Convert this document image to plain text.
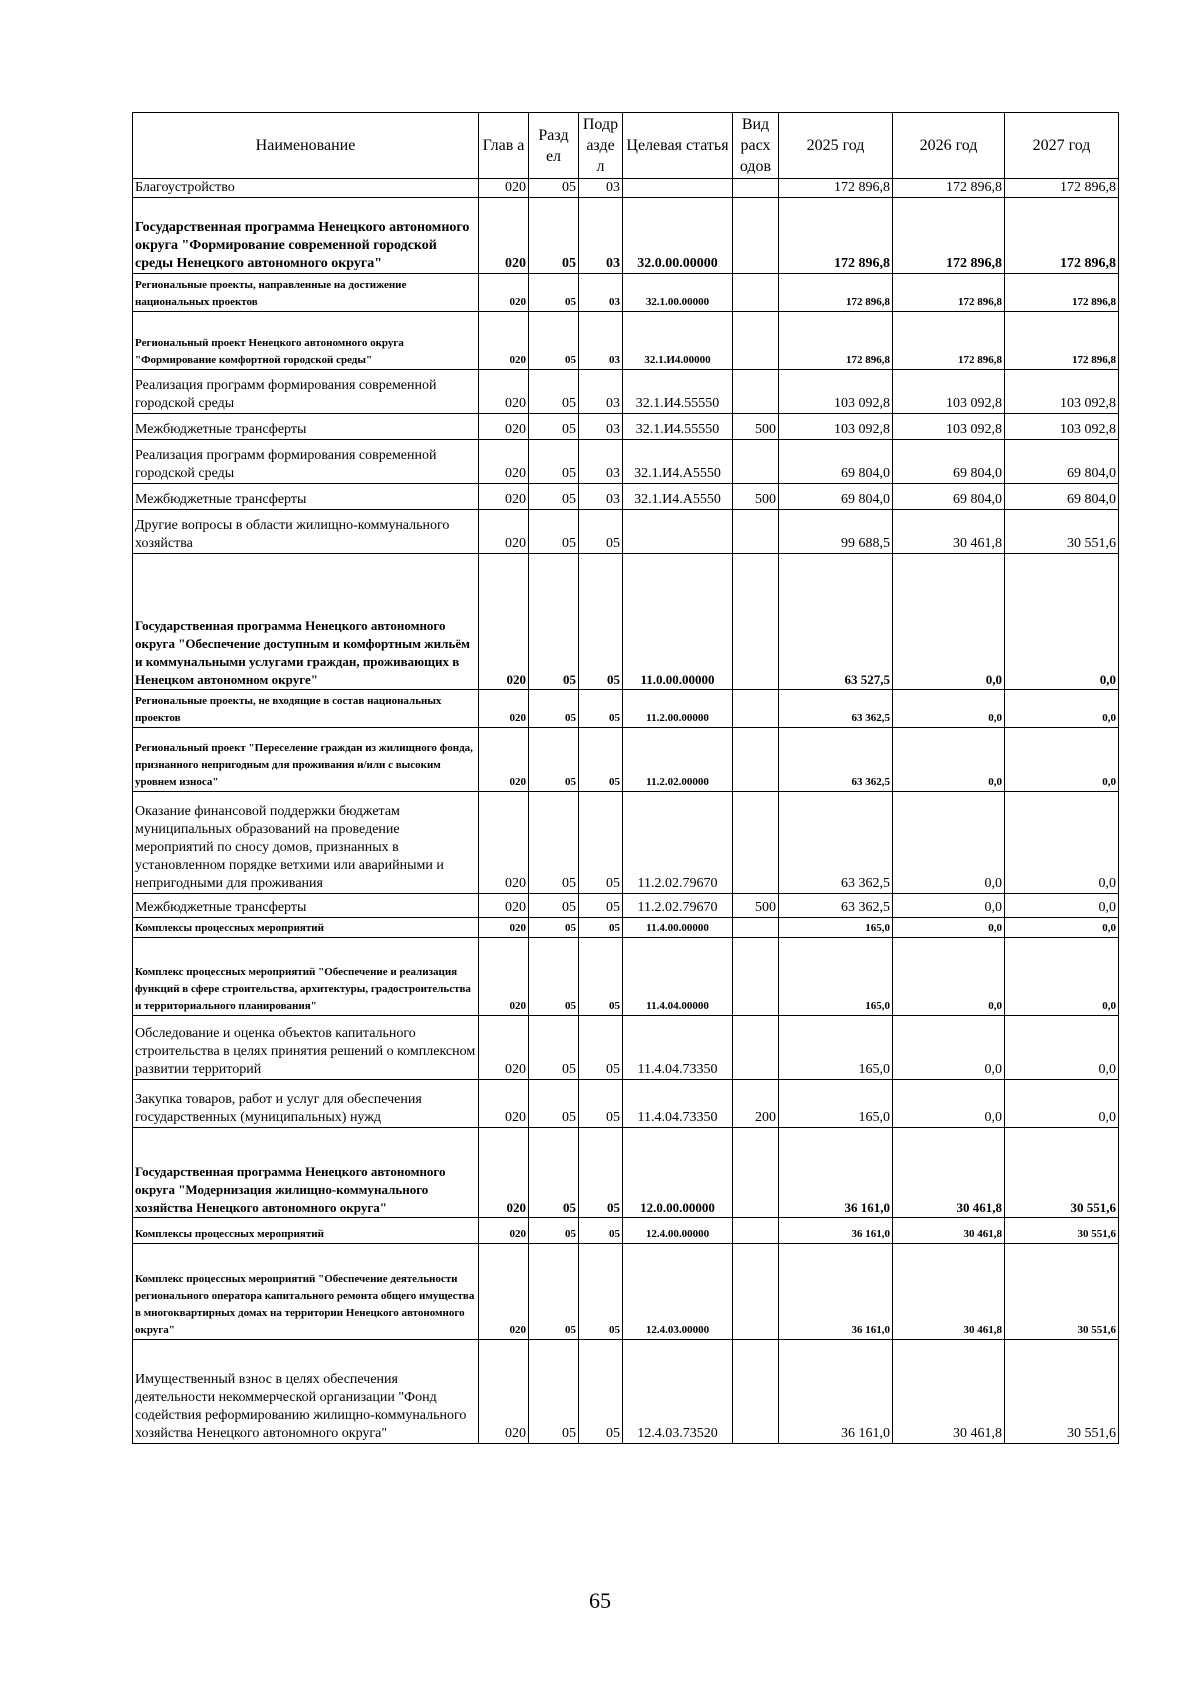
Наименование	Глав а	Разд ел	Подр азде л	Целевая статья	Вид расх одов	2025 год	2026 год	2027 год
Благоустройство	020	05	03			172 896,8	172 896,8	172 896,8
Государственная программа Ненецкого автономного округа "Формирование современной городской среды Ненецкого автономного округа"	020	05	03	32.0.00.00000		172 896,8	172 896,8	172 896,8
Региональные проекты, направленные на достижение национальных проектов	020	05	03	32.1.00.00000		172 896,8	172 896,8	172 896,8
Региональный проект Ненецкого автономного округа "Формирование комфортной городской среды"	020	05	03	32.1.И4.00000		172 896,8	172 896,8	172 896,8
Реализация программ формирования современной городской среды	020	05	03	32.1.И4.55550		103 092,8	103 092,8	103 092,8
Межбюджетные трансферты	020	05	03	32.1.И4.55550	500	103 092,8	103 092,8	103 092,8
Реализация программ формирования современной городской среды	020	05	03	32.1.И4.А5550		69 804,0	69 804,0	69 804,0
Межбюджетные трансферты	020	05	03	32.1.И4.А5550	500	69 804,0	69 804,0	69 804,0
Другие вопросы в области жилищно-коммунального хозяйства	020	05	05			99 688,5	30 461,8	30 551,6
Государственная программа Ненецкого автономного округа "Обеспечение доступным и комфортным жильём и коммунальными услугами граждан, проживающих в Ненецком автономном округе"	020	05	05	11.0.00.00000		63 527,5	0,0	0,0
Региональные проекты, не входящие в состав национальных проектов	020	05	05	11.2.00.00000		63 362,5	0,0	0,0
Региональный проект "Переселение граждан из жилищного фонда, признанного непригодным для проживания и/или с высоким уровнем износа"	020	05	05	11.2.02.00000		63 362,5	0,0	0,0
Оказание финансовой поддержки бюджетам муниципальных образований на проведение мероприятий по сносу домов, признанных в установленном порядке ветхими или аварийными и непригодными для проживания	020	05	05	11.2.02.79670		63 362,5	0,0	0,0
Межбюджетные трансферты	020	05	05	11.2.02.79670	500	63 362,5	0,0	0,0
Комплексы процессных мероприятий	020	05	05	11.4.00.00000		165,0	0,0	0,0
Комплекс процессных мероприятий "Обеспечение и реализация функций в сфере строительства, архитектуры, градостроительства и территориального планирования"	020	05	05	11.4.04.00000		165,0	0,0	0,0
Обследование и оценка объектов капитального строительства в целях принятия решений о комплексном развитии территорий	020	05	05	11.4.04.73350		165,0	0,0	0,0
Закупка товаров, работ и услуг для обеспечения государственных (муниципальных) нужд	020	05	05	11.4.04.73350	200	165,0	0,0	0,0
Государственная программа Ненецкого автономного округа "Модернизация жилищно-коммунального хозяйства Ненецкого автономного округа"	020	05	05	12.0.00.00000		36 161,0	30 461,8	30 551,6
Комплексы процессных мероприятий	020	05	05	12.4.00.00000		36 161,0	30 461,8	30 551,6
Комплекс процессных мероприятий "Обеспечение деятельности регионального оператора капитального ремонта общего имущества в многоквартирных домах на территории Ненецкого автономного округа"	020	05	05	12.4.03.00000		36 161,0	30 461,8	30 551,6
Имущественный взнос в целях обеспечения деятельности некоммерческой организации "Фонд содействия реформированию жилищно-коммунального хозяйства Ненецкого автономного округа"	020	05	05	12.4.03.73520		36 161,0	30 461,8	30 551,6
65
